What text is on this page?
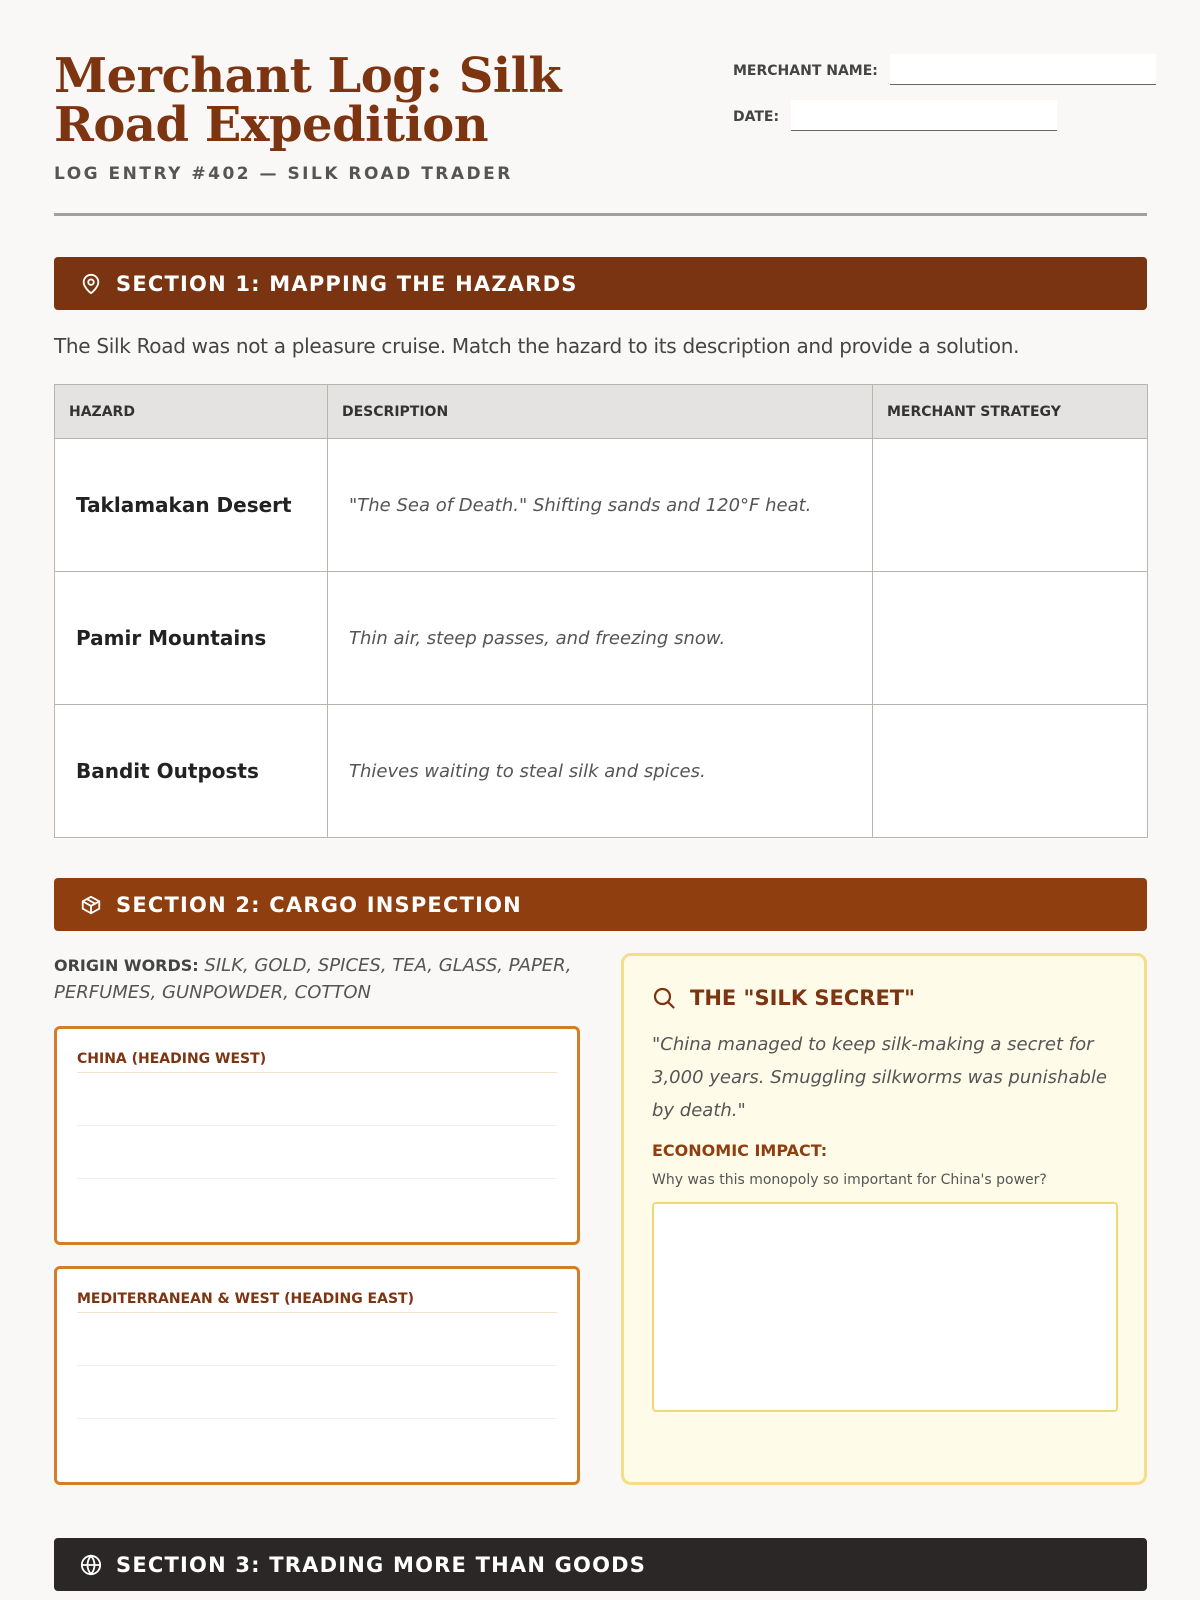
Merchant Log: Silk Road Expedition
LOG ENTRY #402 — SILK ROAD TRADER
MERCHANT NAME:
DATE:
SECTION 1: MAPPING THE HAZARDS
The Silk Road was not a pleasure cruise. Match the hazard to its description and provide a solution.
HAZARD	DESCRIPTION	MERCHANT STRATEGY
Taklamakan Desert	"The Sea of Death." Shifting sands and 120°F heat.	
Pamir Mountains	Thin air, steep passes, and freezing snow.	
Bandit Outposts	Thieves waiting to steal silk and spices.	
SECTION 2: CARGO INSPECTION
ORIGIN WORDS: SILK, GOLD, SPICES, TEA, GLASS, PAPER, PERFUMES, GUNPOWDER, COTTON
CHINA (HEADING WEST)
MEDITERRANEAN & WEST (HEADING EAST)
THE "SILK SECRET"
"China managed to keep silk-making a secret for 3,000 years. Smuggling silkworms was punishable by death."
ECONOMIC IMPACT:
Why was this monopoly so important for China's power?
SECTION 3: TRADING MORE THAN GOODS
